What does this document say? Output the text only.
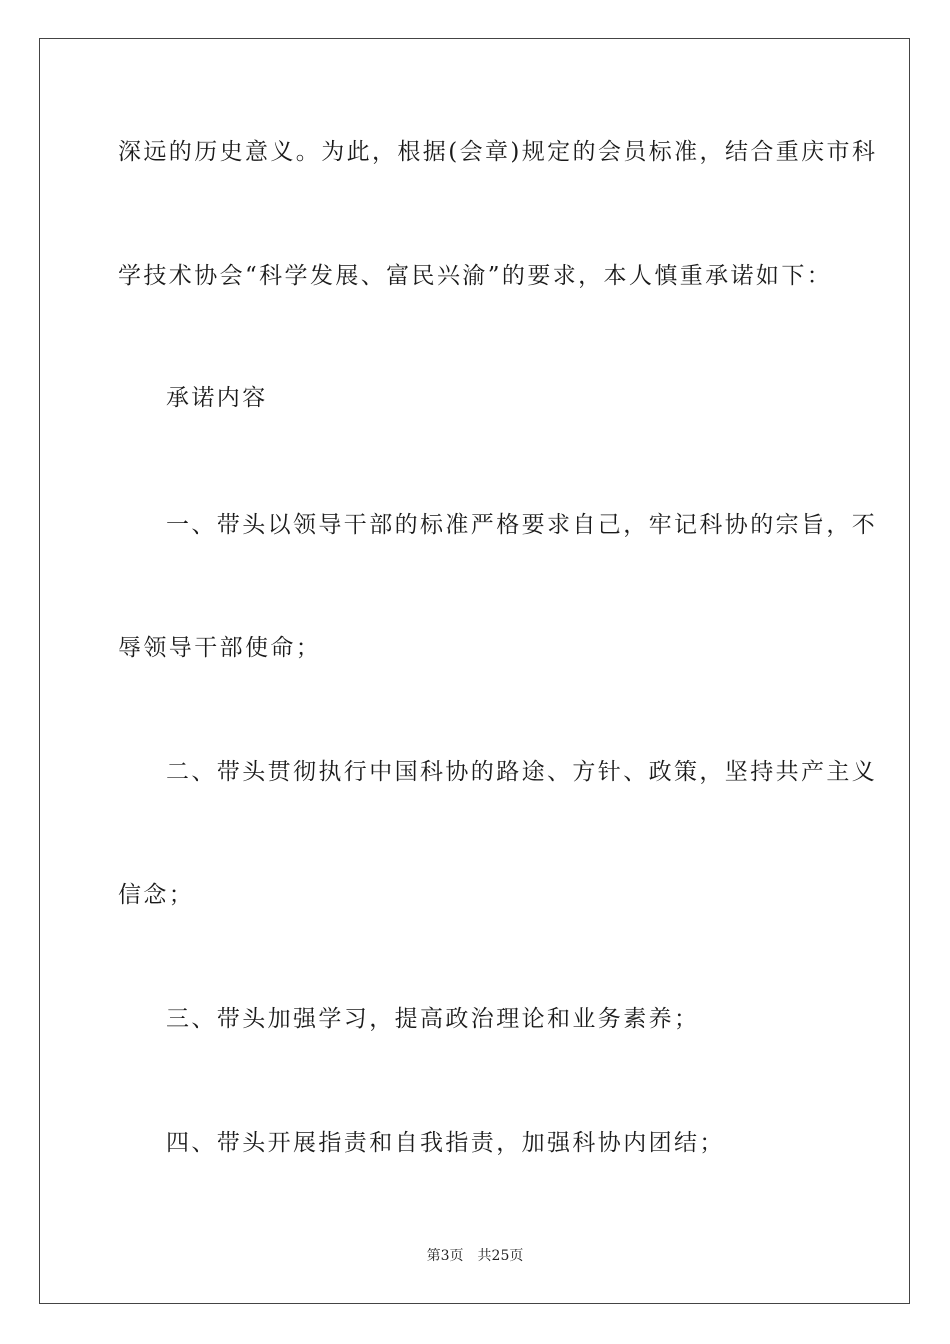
深远的历史意义。为此，根据(会章)规定的会员标准，结合重庆市科
学技术协会“科学发展、富民兴渝”的要求，本人慎重承诺如下：
承诺内容
一、带头以领导干部的标准严格要求自己，牢记科协的宗旨，不
辱领导干部使命；
二、带头贯彻执行中国科协的路途、方针、政策，坚持共产主义
信念；
三、带头加强学习，提高政治理论和业务素养；
四、带头开展指责和自我指责，加强科协内团结；
第3页　共25页
